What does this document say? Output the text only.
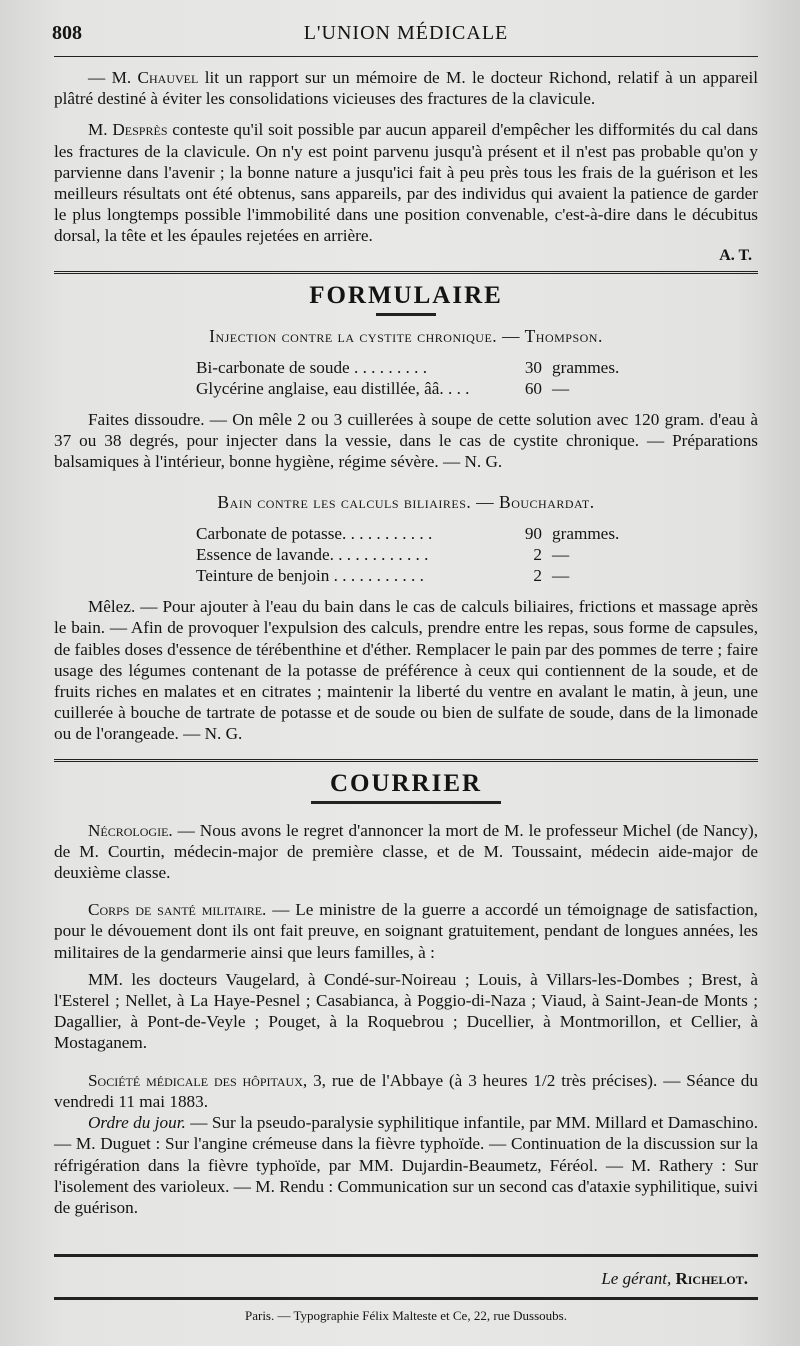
808	L'UNION MÉDICALE

— M. Chauvel lit un rapport sur un mémoire de M. le docteur Richond, relatif à un appareil plâtré destiné à éviter les consolidations vicieuses des fractures de la clavicule.

M. Desprès conteste qu'il soit possible par aucun appareil d'empêcher les difformités du cal dans les fractures de la clavicule. On n'y est point parvenu jusqu'à présent et il n'est pas probable qu'on y parvienne dans l'avenir ; la bonne nature a jusqu'ici fait à peu près tous les frais de la guérison et les meilleurs résultats ont été obtenus, sans appareils, par des individus qui avaient la patience de garder le plus longtemps possible l'immobilité dans une position convenable, c'est-à-dire dans le décubitus dorsal, la tête et les épaules rejetées en arrière.

A. T.
FORMULAIRE
Injection contre la cystite chronique. — Thompson.
Bi-carbonate de soude . . . . . . . . .	30 grammes.
Glycérine anglaise, eau distillée, ââ. . . .	60 —

Faites dissoudre. — On mêle 2 ou 3 cuillerées à soupe de cette solution avec 120 gram. d'eau à 37 ou 38 degrés, pour injecter dans la vessie, dans le cas de cystite chronique. — Préparations balsamiques à l'intérieur, bonne hygiène, régime sévère. — N. G.

Bain contre les calculs biliaires. — Bouchardat.
Carbonate de potasse. . . . . . . . . . .	90 grammes.
Essence de lavande. . . . . . . . . . . .	2 —
Teinture de benjoin . . . . . . . . . . .	2 —

Mêlez. — Pour ajouter à l'eau du bain dans le cas de calculs biliaires, frictions et massage après le bain. — Afin de provoquer l'expulsion des calculs, prendre entre les repas, sous forme de capsules, de faibles doses d'essence de térébenthine et d'éther. Remplacer le pain par des pommes de terre ; faire usage des légumes contenant de la potasse de préférence à ceux qui contiennent de la soude, et de fruits riches en malates et en citrates ; maintenir la liberté du ventre en avalant le matin, à jeun, une cuillerée à bouche de tartrate de potasse et de soude ou bien de sulfate de soude, dans de la limonade ou de l'orangeade. — N. G.

COURRIER

Nécrologie. — Nous avons le regret d'annoncer la mort de M. le professeur Michel (de Nancy), de M. Courtin, médecin-major de première classe, et de M. Toussaint, médecin aide-major de deuxième classe.

Corps de santé militaire. — Le ministre de la guerre a accordé un témoignage de satisfaction, pour le dévouement dont ils ont fait preuve, en soignant gratuitement, pendant de longues années, les militaires de la gendarmerie ainsi que leurs familles, à :

MM. les docteurs Vaugelard, à Condé-sur-Noireau ; Louis, à Villars-les-Dombes ; Brest, à l'Esterel ; Nellet, à La Haye-Pesnel ; Casabianca, à Poggio-di-Naza ; Viaud, à Saint-Jean-de Monts ; Dagallier, à Pont-de-Veyle ; Pouget, à la Roquebrou ; Ducellier, à Montmorillon, et Cellier, à Mostaganem.

Société médicale des hôpitaux, 3, rue de l'Abbaye (à 3 heures 1/2 très précises). — Séance du vendredi 11 mai 1883.

Ordre du jour. — Sur la pseudo-paralysie syphilitique infantile, par MM. Millard et Damaschino. — M. Duguet : Sur l'angine crémeuse dans la fièvre typhoïde. — Continuation de la discussion sur la réfrigération dans la fièvre typhoïde, par MM. Dujardin-Beaumetz, Féréol. — M. Rathery : Sur l'isolement des varioleux. — M. Rendu : Communication sur un second cas d'ataxie syphilitique, suivi de guérison.

Le gérant, Richelot.
Paris. — Typographie Félix Malteste et Ce, 22, rue Dussoubs.
